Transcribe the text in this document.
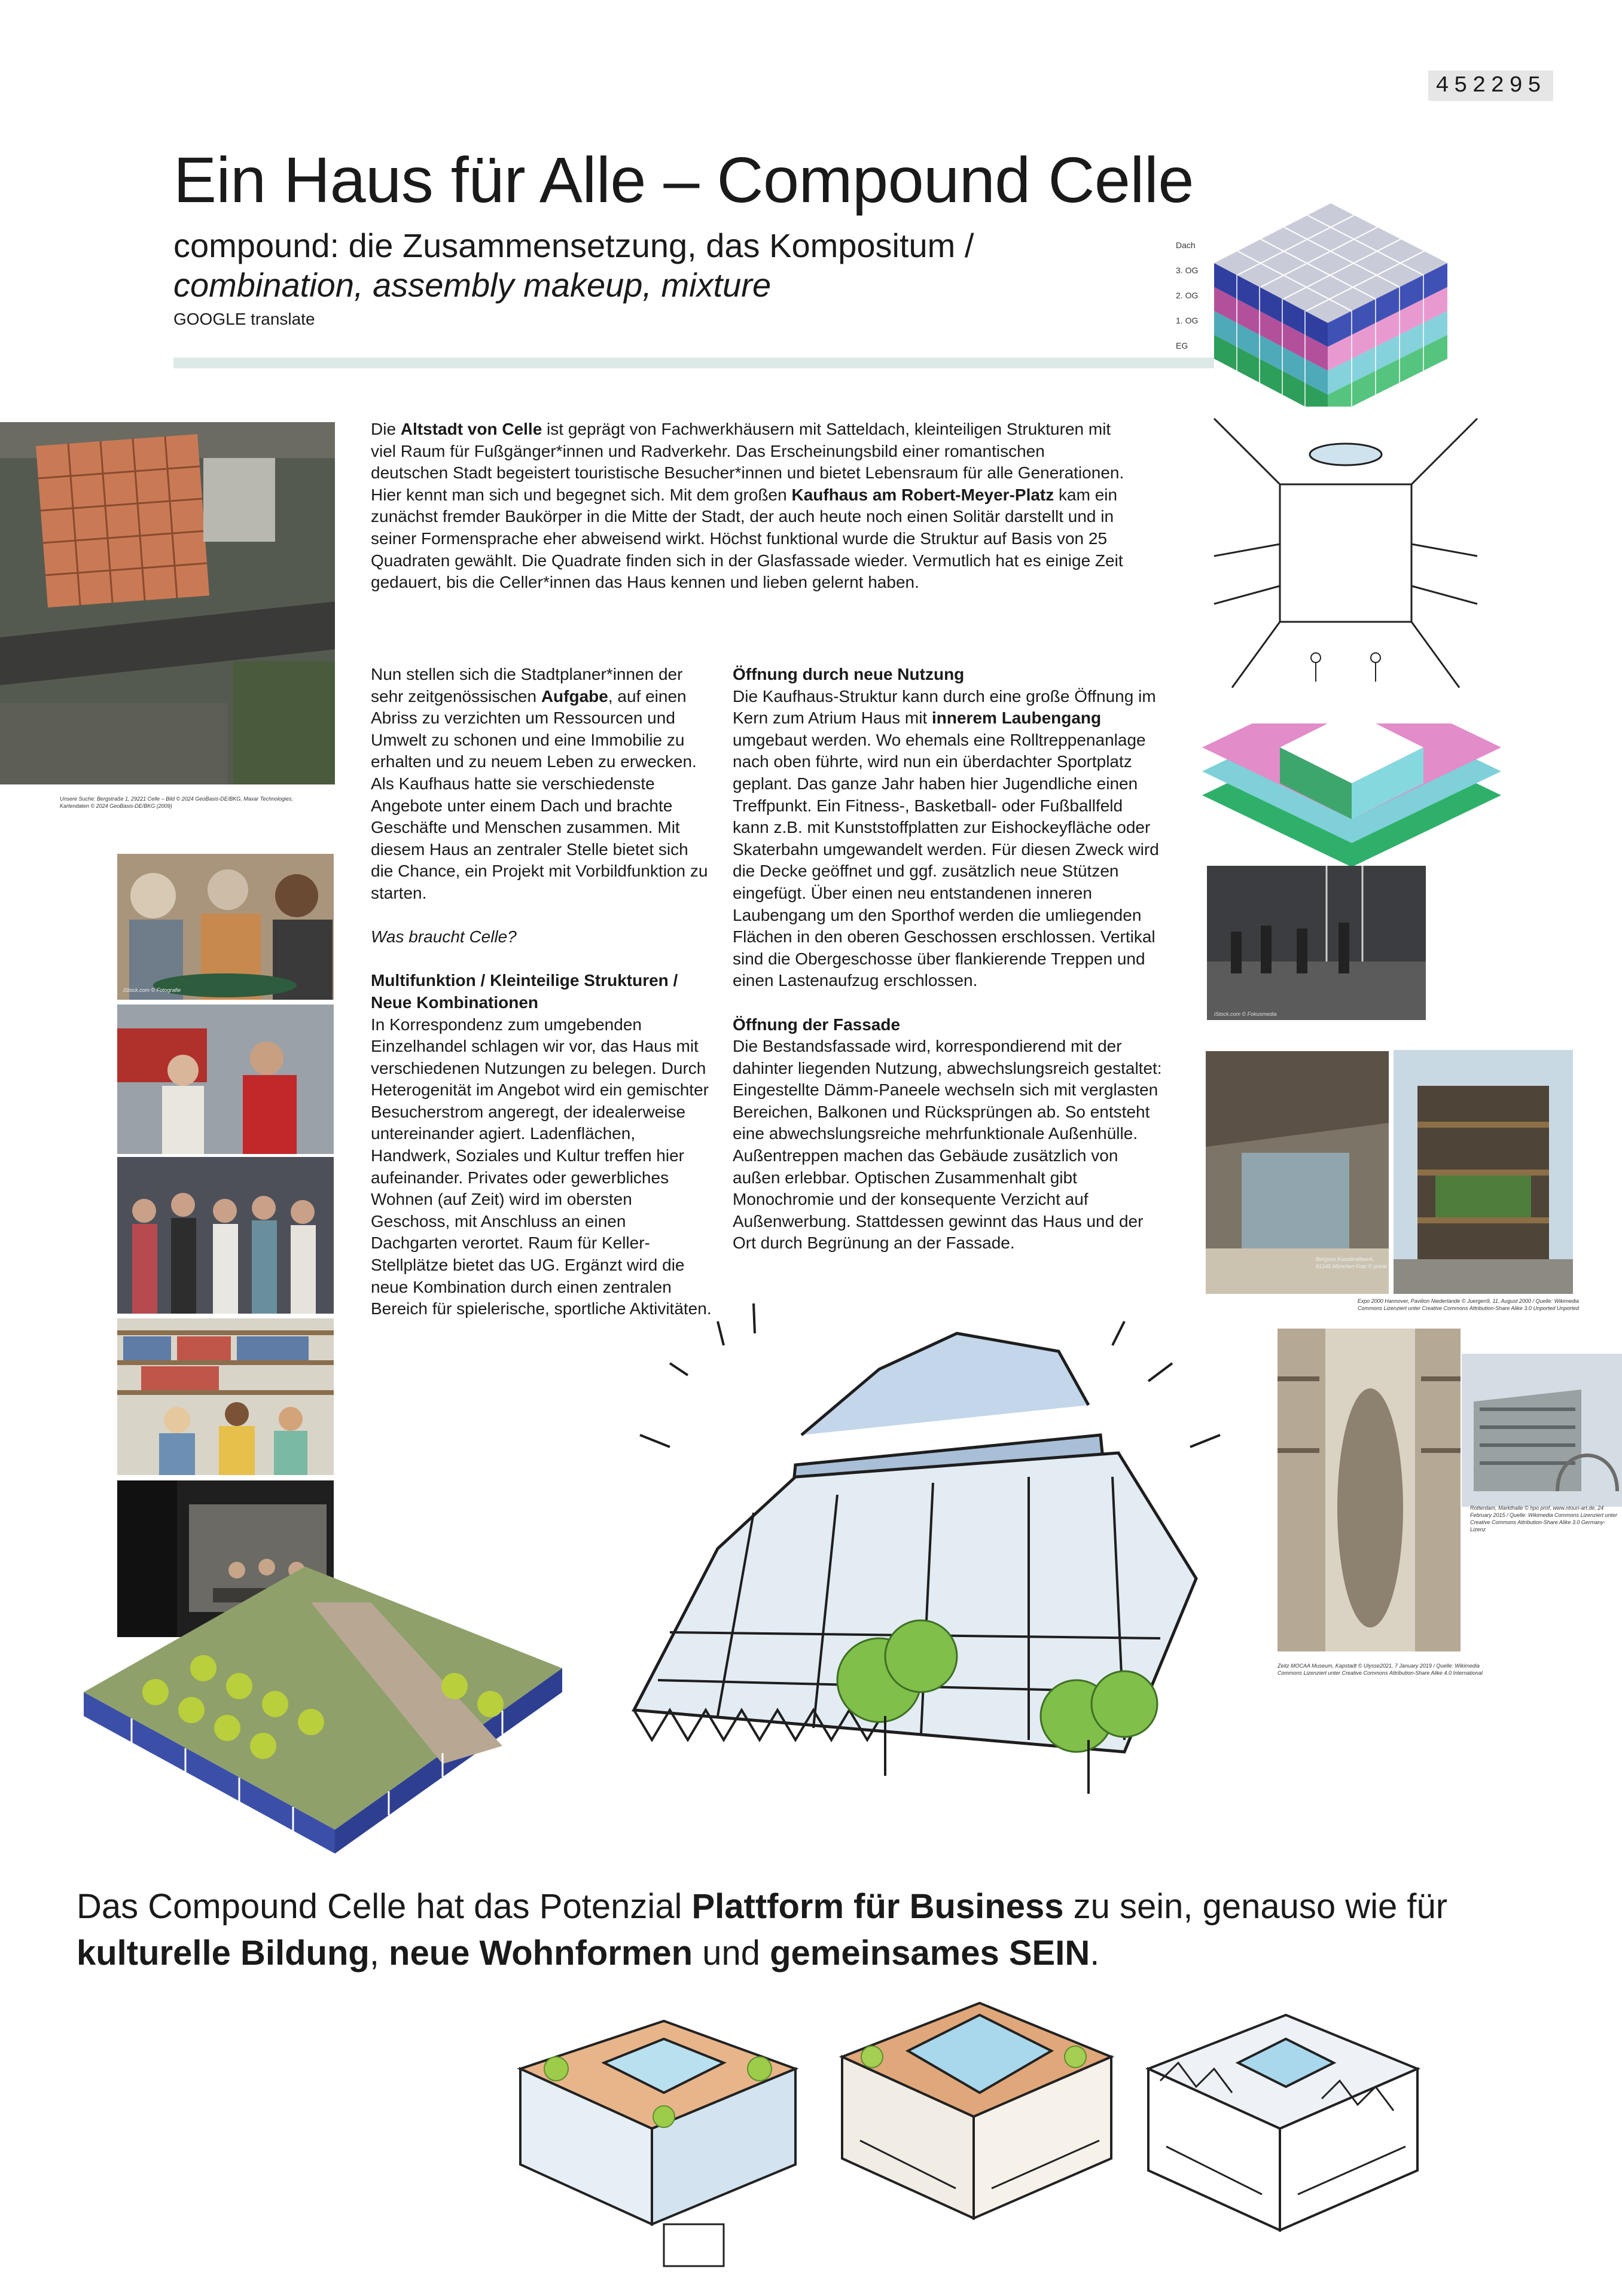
452295
Ein Haus für Alle – Compound Celle
compound: die Zusammensetzung, das Kompositum /
combination, assembly makeup, mixture
GOOGLE translate
Dach
3. OG
2. OG
1. OG
EG
Unsere Suche: Bergstraße 1, 29221 Celle – Bild © 2024 GeoBasis-DE/BKG, Maxar Technologies, Kartendaten © 2024 GeoBasis-DE/BKG (2009)

Die Altstadt von Celle ist geprägt von Fachwerkhäusern mit Satteldach, kleinteiligen Strukturen mit viel Raum für Fußgänger*innen und Radverkehr. Das Erscheinungsbild einer romantischen deutschen Stadt begeistert touristische Besucher*innen und bietet Lebensraum für alle Generationen. Hier kennt man sich und begegnet sich. Mit dem großen Kaufhaus am Robert-Meyer-Platz kam ein zunächst fremder Baukörper in die Mitte der Stadt, der auch heute noch einen Solitär darstellt und in seiner Formensprache eher abweisend wirkt. Höchst funktional wurde die Struktur auf Basis von 25 Quadraten gewählt. Die Quadrate finden sich in der Glasfassade wieder. Vermutlich hat es einige Zeit gedauert, bis die Celler*innen das Haus kennen und lieben gelernt haben.

Nun stellen sich die Stadtplaner*innen der sehr zeitgenössischen Aufgabe, auf einen Abriss zu verzichten um Ressourcen und Umwelt zu schonen und eine Immobilie zu erhalten und zu neuem Leben zu erwecken. Als Kaufhaus hatte sie verschiedenste Angebote unter einem Dach und brachte Geschäfte und Menschen zusammen. Mit diesem Haus an zentraler Stelle bietet sich die Chance, ein Projekt mit Vorbildfunktion zu starten.

Was braucht Celle?

Multifunktion / Kleinteilige Strukturen / Neue Kombinationen

In Korrespondenz zum umgebenden Einzelhandel schlagen wir vor, das Haus mit verschiedenen Nutzungen zu belegen. Durch Heterogenität im Angebot wird ein gemischter Besucherstrom angeregt, der idealerweise untereinander agiert. Ladenflächen, Handwerk, Soziales und Kultur treffen hier aufeinander. Privates oder gewerbliches Wohnen (auf Zeit) wird im obersten Geschoss, mit Anschluss an einen Dachgarten verortet. Raum für Keller-Stellplätze bietet das UG. Ergänzt wird die neue Kombination durch einen zentralen Bereich für spielerische, sportliche Aktivitäten.

Öffnung durch neue Nutzung

Die Kaufhaus-Struktur kann durch eine große Öffnung im Kern zum Atrium Haus mit innerem Laubengang umgebaut werden. Wo ehemals eine Rolltreppenanlage nach oben führte, wird nun ein überdachter Sportplatz geplant. Das ganze Jahr haben hier Jugendliche einen Treffpunkt. Ein Fitness-, Basketball- oder Fußballfeld kann z.B. mit Kunststoffplatten zur Eishockeyfläche oder Skaterbahn umgewandelt werden. Für diesen Zweck wird die Decke geöffnet und ggf. zusätzlich neue Stützen eingefügt. Über einen neu entstandenen inneren Laubengang um den Sporthof werden die umliegenden Flächen in den oberen Geschossen erschlossen. Vertikal sind die Obergeschosse über flankierende Treppen und einen Lastenaufzug erschlossen.

Öffnung der Fassade

Die Bestandsfassade wird, korrespondierend mit der dahinter liegenden Nutzung, abwechslungsreich gestaltet: Eingestellte Dämm-Paneele wechseln sich mit verglasten Bereichen, Balkonen und Rücksprüngen ab. So entsteht eine abwechslungsreiche mehrfunktionale Außenhülle. Außentreppen machen das Gebäude zusätzlich von außen erlebbar. Optischen Zusammenhalt gibt Monochromie und der konsequente Verzicht auf Außenwerbung. Stattdessen gewinnt das Haus und der Ort durch Begrünung an der Fassade.

iStock.com © Fotografie
iStock.com © Fokusmedia
Bergson Kunstkraftwerk, 81245 München Foto © privat
Expo 2000 Hannover, Pavilion Niederlande © Juergen9, 11. August 2000 / Quelle: Wikimedia Commons Lizenziert unter Creative Commons Attribution-Share Alike 3.0 Unported Unported
Zeitz MOCAA Museum, Kapstadt © Ulysse2021, 7 January 2019 / Quelle: Wikimedia Commons Lizenziert unter Creative Commons Attribution-Share Alike 4.0 International
Rotterdam, Markthalle © hpo prof, www.ntouri-art.de, 24 February 2015 / Quelle: Wikimedia Commons Lizenziert unter Creative Commons Attribution-Share Alike 3.0 Germany-Lizenz
Das Compound Celle hat das Potenzial Plattform für Business zu sein, genauso wie für
kulturelle Bildung, neue Wohnformen und gemeinsames SEIN.
